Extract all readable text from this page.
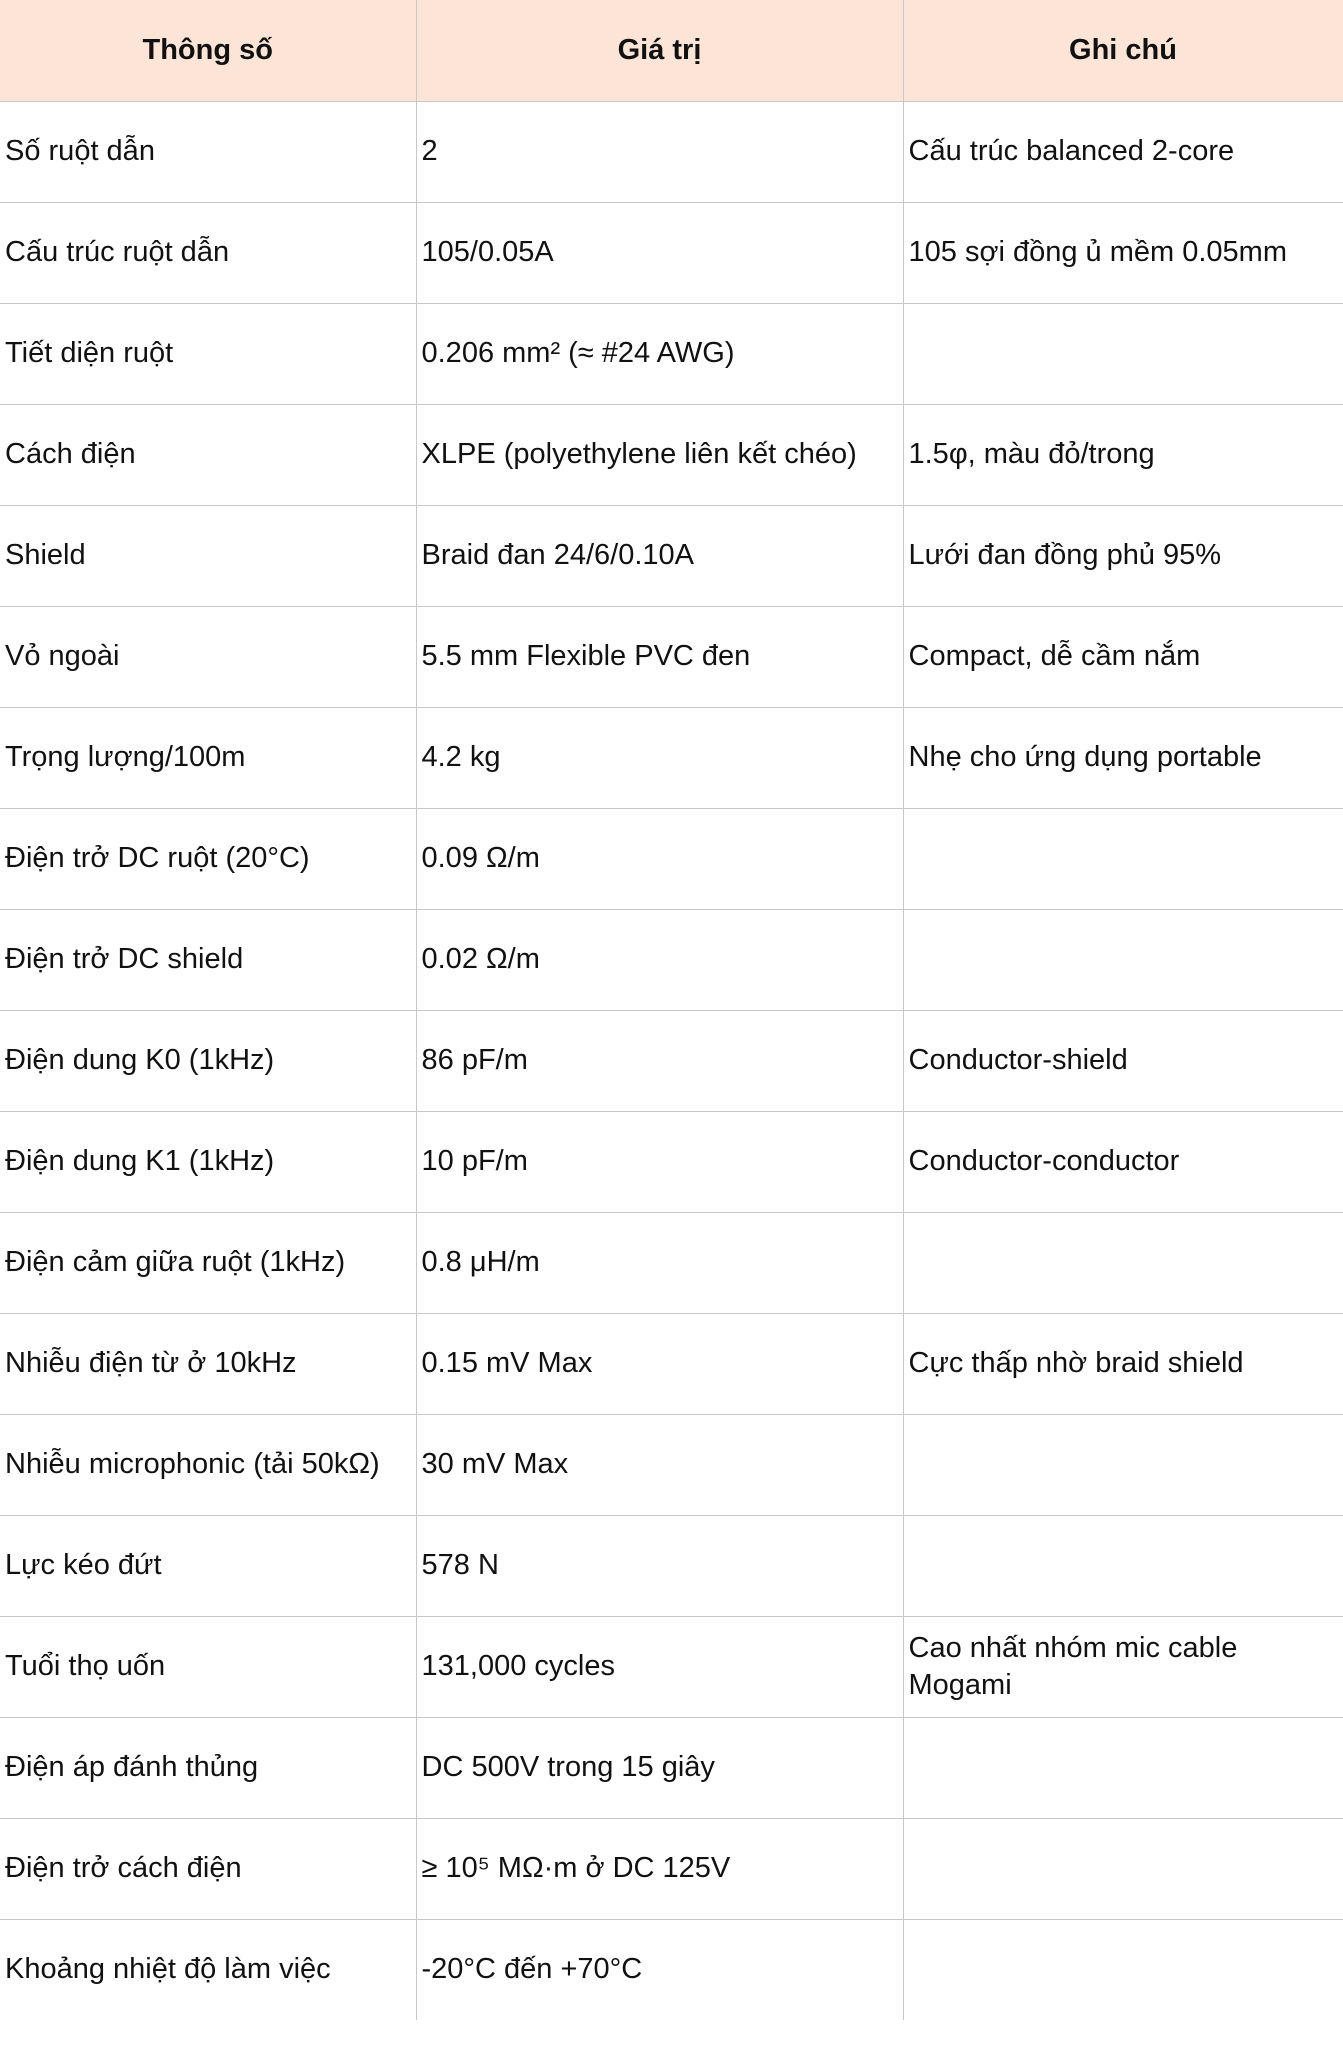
Thông số	Giá trị	Ghi chú
Số ruột dẫn	2	Cấu trúc balanced 2-core
Cấu trúc ruột dẫn	105/0.05A	105 sợi đồng ủ mềm 0.05mm
Tiết diện ruột	0.206 mm² (≈ #24 AWG)	
Cách điện	XLPE (polyethylene liên kết chéo)	1.5φ, màu đỏ/trong
Shield	Braid đan 24/6/0.10A	Lưới đan đồng phủ 95%
Vỏ ngoài	5.5 mm Flexible PVC đen	Compact, dễ cầm nắm
Trọng lượng/100m	4.2 kg	Nhẹ cho ứng dụng portable
Điện trở DC ruột (20°C)	0.09 Ω/m	
Điện trở DC shield	0.02 Ω/m	
Điện dung K0 (1kHz)	86 pF/m	Conductor-shield
Điện dung K1 (1kHz)	10 pF/m	Conductor-conductor
Điện cảm giữa ruột (1kHz)	0.8 μH/m	
Nhiễu điện từ ở 10kHz	0.15 mV Max	Cực thấp nhờ braid shield
Nhiễu microphonic (tải 50kΩ)	30 mV Max	
Lực kéo đứt	578 N	
Tuổi thọ uốn	131,000 cycles	Cao nhất nhóm mic cable Mogami
Điện áp đánh thủng	DC 500V trong 15 giây	
Điện trở cách điện	≥ 10⁵ MΩ·m ở DC 125V	
Khoảng nhiệt độ làm việc	-20°C đến +70°C	
